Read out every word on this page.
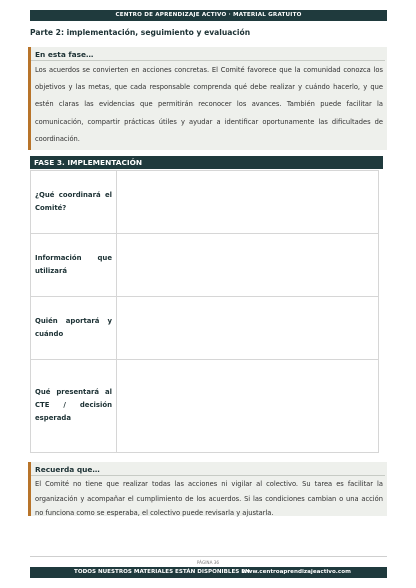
CENTRO DE APRENDIZAJE ACTIVO · MATERIAL GRATUITO
Parte 2: implementación, seguimiento y evaluación
En esta fase…

Los acuerdos se convierten en acciones concretas. El Comité favorece que la comunidad conozca los objetivos y las metas, que cada responsable comprenda qué debe realizar y cuándo hacerlo, y que estén claras las evidencias que permitirán reconocer los avances. También puede facilitar la comunicación, compartir prácticas útiles y ayudar a identificar oportunamente las dificultades de coordinación.

FASE 3. IMPLEMENTACIÓN
¿Qué coordinará el Comité?	
Información que utilizará	
Quién aportará y cuándo	
Qué presentará al CTE / decisión esperada	
Recuerda que…

El Comité no tiene que realizar todas las acciones ni vigilar al colectivo. Su tarea es facilitar la organización y acompañar el cumplimiento de los acuerdos. Si las condiciones cambian o una acción no funciona como se esperaba, el colectivo puede revisarla y ajustarla.

PÁGINA 36
TODOS NUESTROS MATERIALES ESTÁN DISPONIBLES EN
www.centroaprendizajeactivo.com
